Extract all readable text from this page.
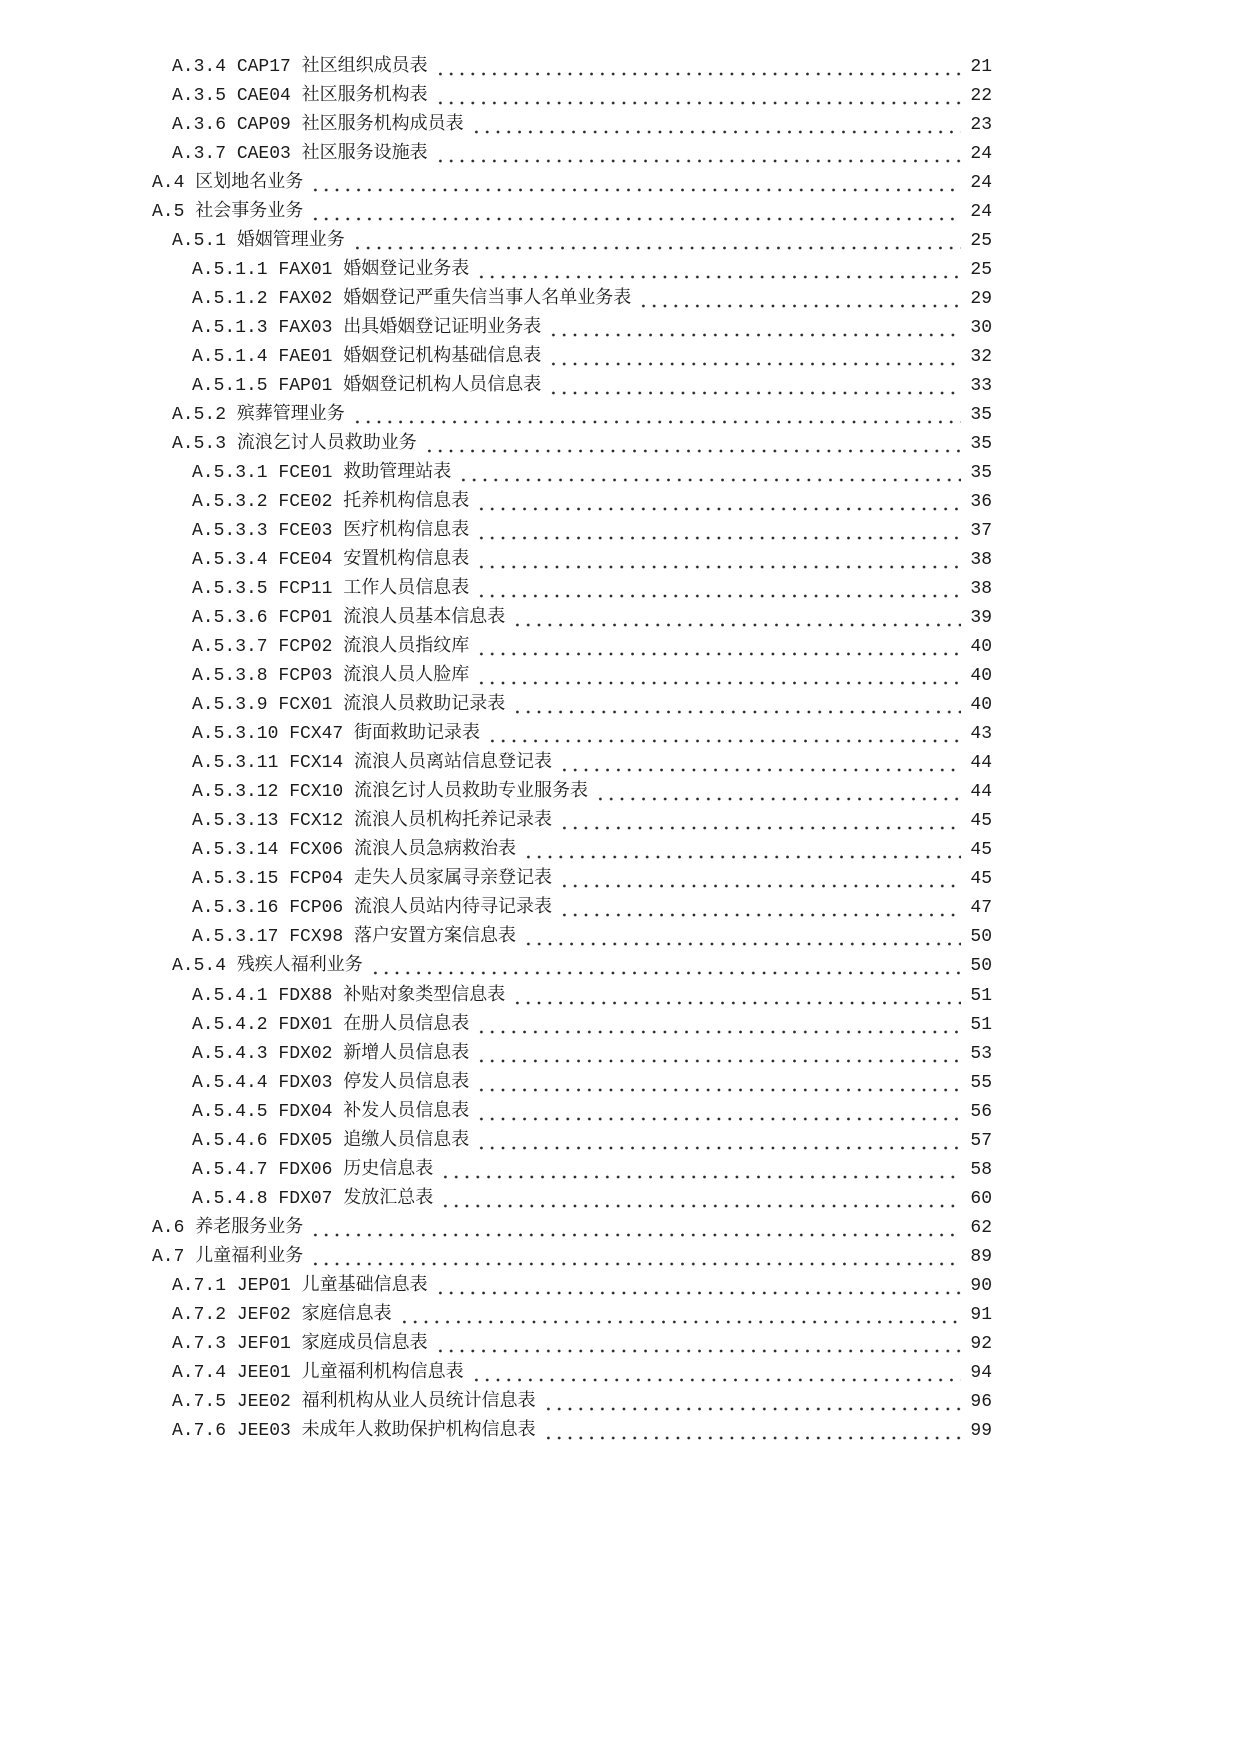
A.3.4 CAP17 社区组织成员表	21
A.3.5 CAE04 社区服务机构表	22
A.3.6 CAP09 社区服务机构成员表	23
A.3.7 CAE03 社区服务设施表	24
A.4 区划地名业务	24
A.5 社会事务业务	24
A.5.1 婚姻管理业务	25
A.5.1.1 FAX01 婚姻登记业务表	25
A.5.1.2 FAX02 婚姻登记严重失信当事人名单业务表	29
A.5.1.3 FAX03 出具婚姻登记证明业务表	30
A.5.1.4 FAE01 婚姻登记机构基础信息表	32
A.5.1.5 FAP01 婚姻登记机构人员信息表	33
A.5.2 殡葬管理业务	35
A.5.3 流浪乞讨人员救助业务	35
A.5.3.1 FCE01 救助管理站表	35
A.5.3.2 FCE02 托养机构信息表	36
A.5.3.3 FCE03 医疗机构信息表	37
A.5.3.4 FCE04 安置机构信息表	38
A.5.3.5 FCP11 工作人员信息表	38
A.5.3.6 FCP01 流浪人员基本信息表	39
A.5.3.7 FCP02 流浪人员指纹库	40
A.5.3.8 FCP03 流浪人员人脸库	40
A.5.3.9 FCX01 流浪人员救助记录表	40
A.5.3.10 FCX47 街面救助记录表	43
A.5.3.11 FCX14 流浪人员离站信息登记表	44
A.5.3.12 FCX10 流浪乞讨人员救助专业服务表	44
A.5.3.13 FCX12 流浪人员机构托养记录表	45
A.5.3.14 FCX06 流浪人员急病救治表	45
A.5.3.15 FCP04 走失人员家属寻亲登记表	45
A.5.3.16 FCP06 流浪人员站内待寻记录表	47
A.5.3.17 FCX98 落户安置方案信息表	50
A.5.4 残疾人福利业务	50
A.5.4.1 FDX88 补贴对象类型信息表	51
A.5.4.2 FDX01 在册人员信息表	51
A.5.4.3 FDX02 新增人员信息表	53
A.5.4.4 FDX03 停发人员信息表	55
A.5.4.5 FDX04 补发人员信息表	56
A.5.4.6 FDX05 追缴人员信息表	57
A.5.4.7 FDX06 历史信息表	58
A.5.4.8 FDX07 发放汇总表	60
A.6 养老服务业务	62
A.7 儿童福利业务	89
A.7.1 JEP01 儿童基础信息表	90
A.7.2 JEF02 家庭信息表	91
A.7.3 JEF01 家庭成员信息表	92
A.7.4 JEE01 儿童福利机构信息表	94
A.7.5 JEE02 福利机构从业人员统计信息表	96
A.7.6 JEE03 未成年人救助保护机构信息表	99
